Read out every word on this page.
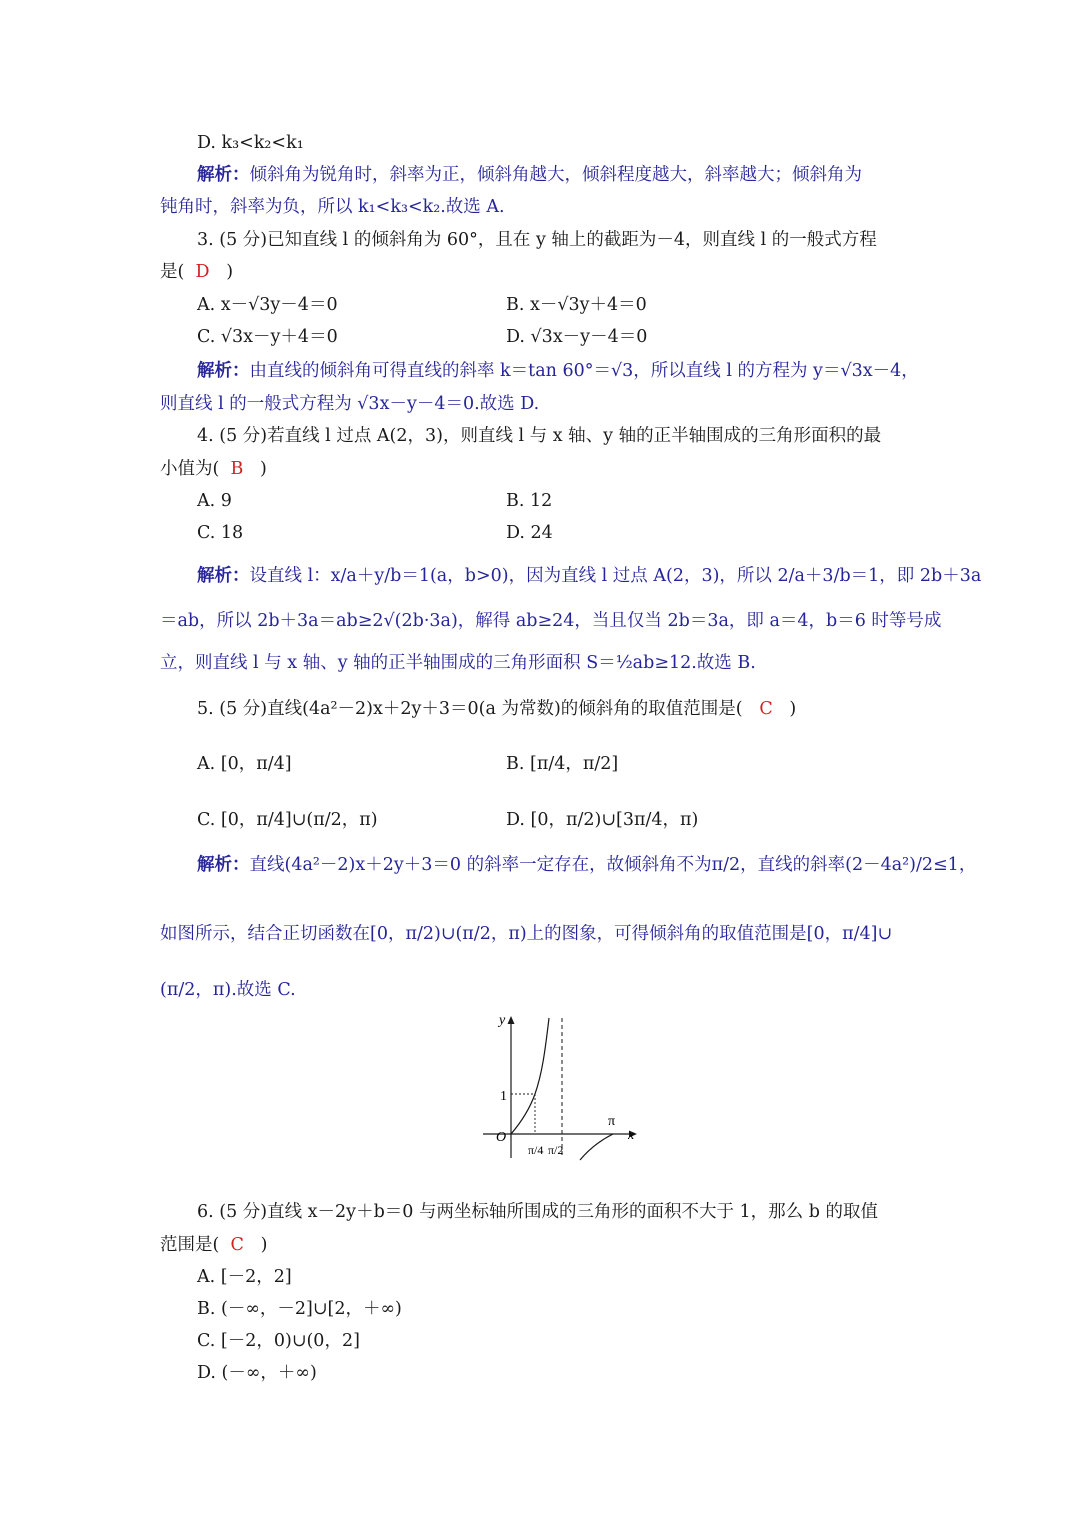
D. k₃<k₂<k₁
解析：倾斜角为锐角时，斜率为正，倾斜角越大，倾斜程度越大，斜率越大；倾斜角为
钝角时，斜率为负，所以 k₁<k₃<k₂.故选 A.
3. (5 分)已知直线 l 的倾斜角为 60°，且在 y 轴上的截距为－4，则直线 l 的一般式方程
是( D )
A. x－√3y－4＝0	B. x－√3y＋4＝0
C. √3x－y＋4＝0	D. √3x－y－4＝0
解析：由直线的倾斜角可得直线的斜率 k＝tan 60°＝√3，所以直线 l 的方程为 y＝√3x－4，
则直线 l 的一般式方程为 √3x－y－4＝0.故选 D.
4. (5 分)若直线 l 过点 A(2，3)，则直线 l 与 x 轴、y 轴的正半轴围成的三角形面积的最
小值为( B )
A. 9	B. 12
C. 18	D. 24
解析：设直线 l：x/a＋y/b＝1(a，b>0)，因为直线 l 过点 A(2，3)，所以 2/a＋3/b＝1，即 2b＋3a
＝ab，所以 2b＋3a＝ab≥2√(2b·3a)，解得 ab≥24，当且仅当 2b＝3a，即 a＝4，b＝6 时等号成
立，则直线 l 与 x 轴、y 轴的正半轴围成的三角形面积 S＝½ab≥12.故选 B.
5. (5 分)直线(4a²－2)x＋2y＋3＝0(a 为常数)的倾斜角的取值范围是( C )
A. [0，π/4]	B. [π/4，π/2]
C. [0，π/4]∪(π/2，π)	D. [0，π/2)∪[3π/4，π)
解析：直线(4a²－2)x＋2y＋3＝0 的斜率一定存在，故倾斜角不为π/2，直线的斜率(2－4a²)/2≤1，
如图所示，结合正切函数在[0，π/2)∪(π/2，π)上的图象，可得倾斜角的取值范围是[0，π/4]∪
(π/2，π).故选 C.
y
x
O
1
π
π/4 π/2
6. (5 分)直线 x－2y＋b＝0 与两坐标轴所围成的三角形的面积不大于 1，那么 b 的取值
范围是( C )
A. [－2，2]
B. (－∞，－2]∪[2，＋∞)
C. [－2，0)∪(0，2]
D. (－∞，＋∞)
